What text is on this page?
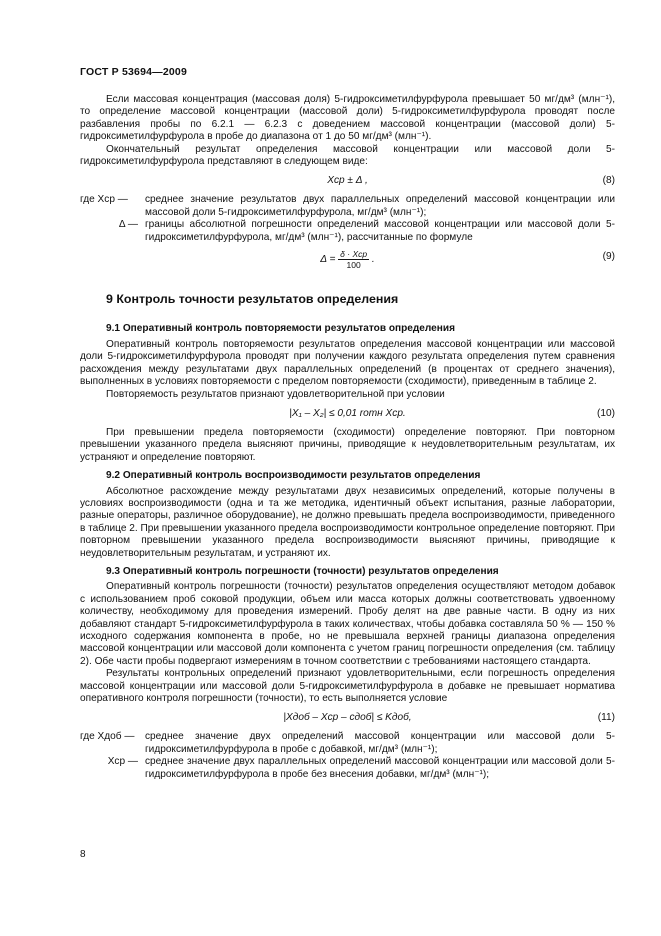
ГОСТ Р 53694—2009

Если массовая концентрация (массовая доля) 5-гидроксиметилфурфурола превышает 50 мг/дм³ (млн⁻¹), то определение массовой концентрации (массовой доли) 5-гидроксиметилфурфурола проводят после разбавления пробы по 6.2.1 — 6.2.3 с доведением массовой концентрации (массовой доли) 5-гидроксиметилфурфурола в пробе до диапазона от 1 до 50 мг/дм³ (млн⁻¹).

Окончательный результат определения массовой концентрации или массовой доли 5-гидроксиметилфурфурола представляют в следующем виде:

Xср ± Δ ,	(8)

где Xср —	среднее значение результатов двух параллельных определений массовой концентрации или массовой доли 5-гидроксиметилфурфурола, мг/дм³ (млн⁻¹);

Δ — границы абсолютной погрешности определений массовой концентрации или массовой доли 5-гидроксиметилфурфурола, мг/дм³ (млн⁻¹), рассчитанные по формуле

Δ =
δ · Xср
100	.	(9)
9 Контроль точности результатов определения
9.1 Оперативный контроль повторяемости результатов определения

Оперативный контроль повторяемости результатов определения массовой концентрации или массовой доли 5-гидроксиметилфурфурола проводят при получении каждого результата определения путем сравнения расхождения между результатами двух параллельных определений (в процентах от среднего значения), выполненных в условиях повторяемости с пределом повторяемости (сходимости), приведенным в таблице 2.

Повторяемость результатов признают удовлетворительной при условии

|X₁ – X₂| ≤ 0,01 rотн Xср.	(10)

При превышении предела повторяемости (сходимости) определение повторяют. При повторном превышении указанного предела выясняют причины, приводящие к неудовлетворительным результатам, их устраняют и определение повторяют.

9.2 Оперативный контроль воспроизводимости результатов определения

Абсолютное расхождение между результатами двух независимых определений, которые получены в условиях воспроизводимости (одна и та же методика, идентичный объект испытания, разные лаборатории, разные операторы, различное оборудование), не должно превышать предела воспроизводимости, приведенного в таблице 2. При превышении указанного предела воспроизводимости контрольное определение повторяют. При повторном превышении указанного предела воспроизводимости выясняют причины, приводящие к неудовлетворительным результатам, и устраняют их.

9.3 Оперативный контроль погрешности (точности) результатов определения

Оперативный контроль погрешности (точности) результатов определения осуществляют методом добавок с использованием проб соковой продукции, объем или масса которых должны соответствовать удвоенному количеству, необходимому для проведения измерений. Пробу делят на две равные части. В одну из них добавляют стандарт 5-гидроксиметилфурфурола в таких количествах, чтобы добавка составляла 50 % — 150 % исходного содержания компонента в пробе, но не превышала верхней границы диапазона определения массовой концентрации или массовой доли компонента с учетом границ погрешности определения (см. таблицу 2). Обе части пробы подвергают измерениям в точном соответствии с требованиями настоящего стандарта.

Результаты контрольных определений признают удовлетворительными, если погрешность определения массовой концентрации или массовой доли 5-гидроксиметилфурфурола в добавке не превышает норматива оперативного контроля погрешности (точности), то есть выполняется условие

|Xдоб – Xср – cдоб| ≤ Kдоб,	(11)

где Xдоб —	среднее значение двух определений массовой концентрации или массовой доли 5-гидроксиметилфурфурола в пробе с добавкой, мг/дм³ (млн⁻¹);

Xср — среднее значение двух параллельных определений массовой концентрации или массовой доли 5-гидроксиметилфурфурола в пробе без внесения добавки, мг/дм³ (млн⁻¹);

8
